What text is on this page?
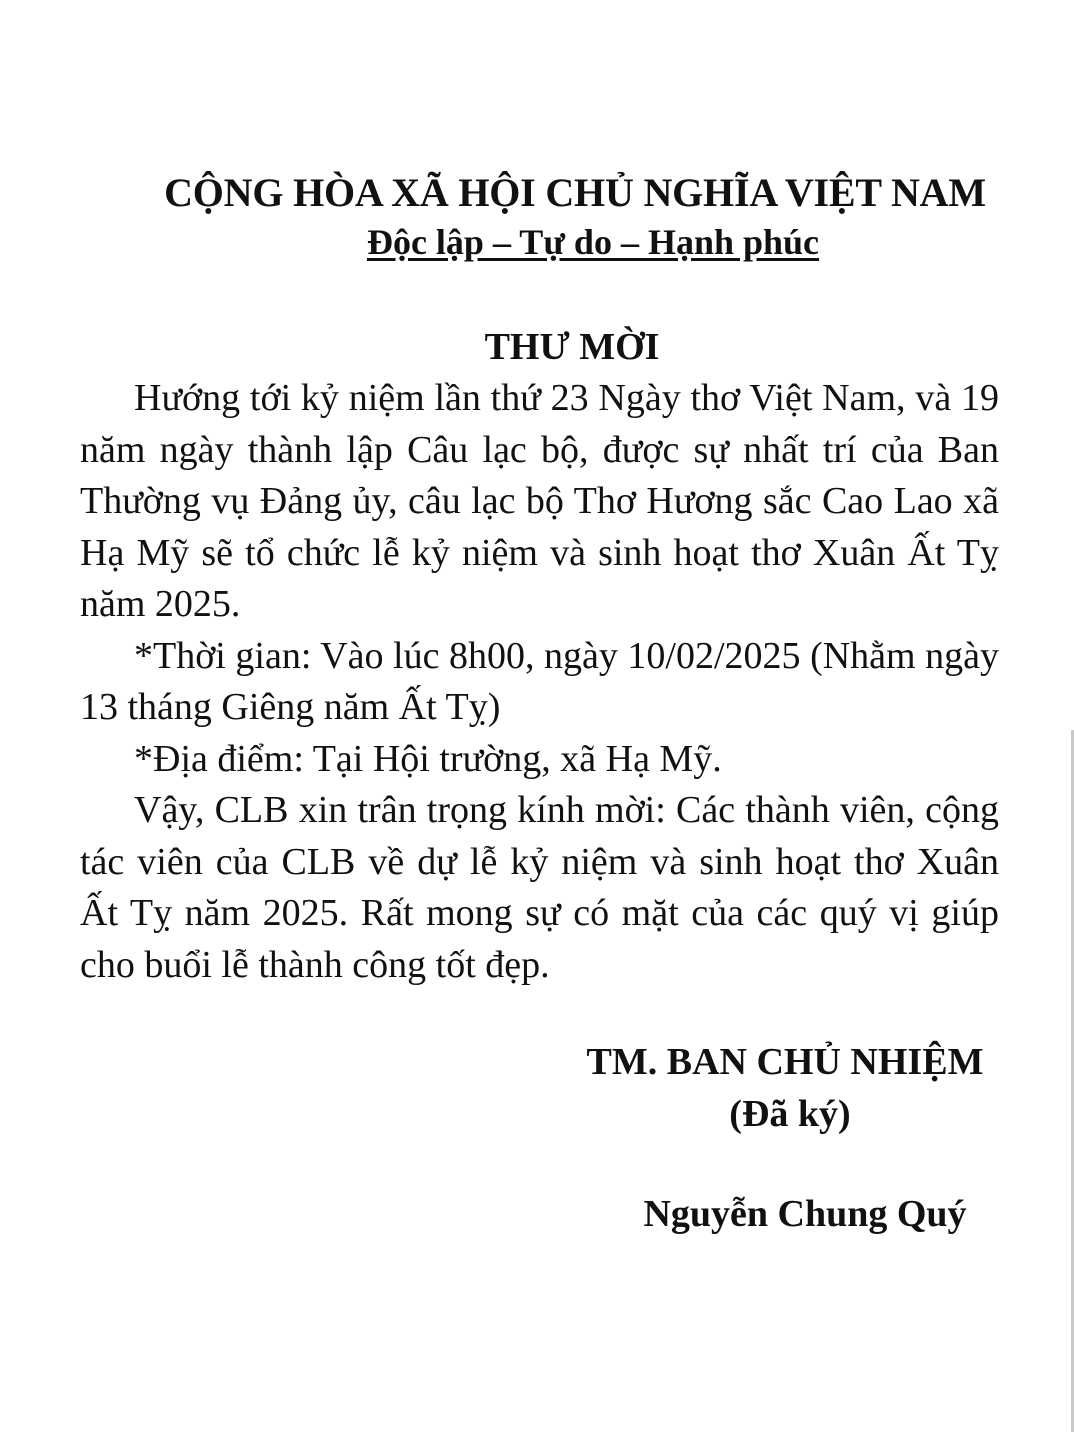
CỘNG HÒA XÃ HỘI CHỦ NGHĨA VIỆT NAM
Độc lập – Tự do – Hạnh phúc
THƯ MỜI

Hướng tới kỷ niệm lần thứ 23 Ngày thơ Việt Nam, và 19 năm ngày thành lập Câu lạc bộ, được sự nhất trí của Ban Thường vụ Đảng ủy, câu lạc bộ Thơ Hương sắc Cao Lao xã Hạ Mỹ sẽ tổ chức lễ kỷ niệm và sinh hoạt thơ Xuân Ất Tỵ năm 2025.

*Thời gian: Vào lúc 8h00, ngày 10/02/2025 (Nhằm ngày 13 tháng Giêng năm Ất Tỵ)

*Địa điểm: Tại Hội trường, xã Hạ Mỹ.

Vậy, CLB xin trân trọng kính mời: Các thành viên, cộng tác viên của CLB về dự lễ kỷ niệm và sinh hoạt thơ Xuân Ất Tỵ năm 2025. Rất mong sự có mặt của các quý vị giúp cho buổi lễ thành công tốt đẹp.

TM. BAN CHỦ NHIỆM
(Đã ký)
Nguyễn Chung Quý
